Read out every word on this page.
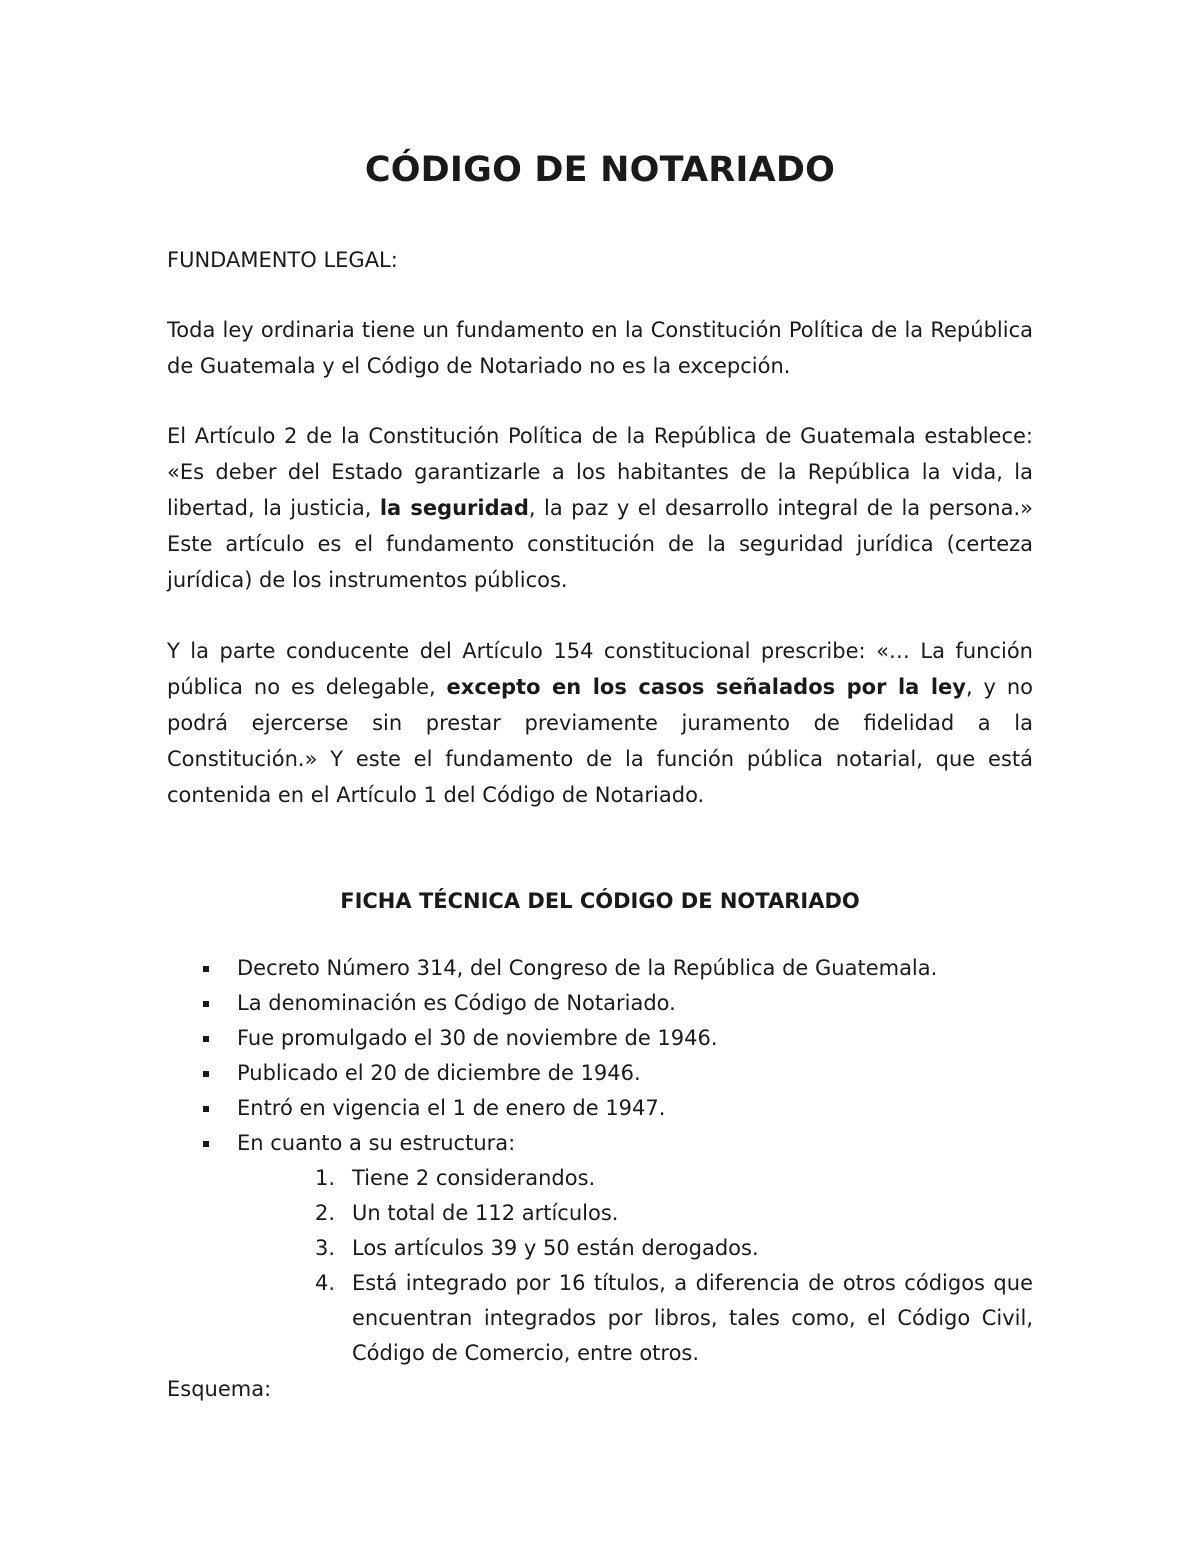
CÓDIGO DE NOTARIADO

FUNDAMENTO LEGAL:

Toda ley ordinaria tiene un fundamento en la Constitución Política de la República de Guatemala y el Código de Notariado no es la excepción.

El Artículo 2 de la Constitución Política de la República de Guatemala establece: «Es deber del Estado garantizarle a los habitantes de la República la vida, la libertad, la justicia, la seguridad, la paz y el desarrollo integral de la persona.» Este artículo es el fundamento constitución de la seguridad jurídica (certeza jurídica) de los instrumentos públicos.

Y la parte conducente del Artículo 154 constitucional prescribe: «… La función pública no es delegable, excepto en los casos señalados por la ley, y no podrá ejercerse sin prestar previamente juramento de fidelidad a la Constitución.» Y este el fundamento de la función pública notarial, que está contenida en el Artículo 1 del Código de Notariado.

FICHA TÉCNICA DEL CÓDIGO DE NOTARIADO
Decreto Número 314, del Congreso de la República de Guatemala.
La denominación es Código de Notariado.
Fue promulgado el 30 de noviembre de 1946.
Publicado el 20 de diciembre de 1946.
Entró en vigencia el 1 de enero de 1947.
En cuanto a su estructura:
1. Tiene 2 considerandos.
2. Un total de 112 artículos.
3. Los artículos 39 y 50 están derogados.
4. Está integrado por 16 títulos, a diferencia de otros códigos que encuentran integrados por libros, tales como, el Código Civil, Código de Comercio, entre otros.

Esquema:
